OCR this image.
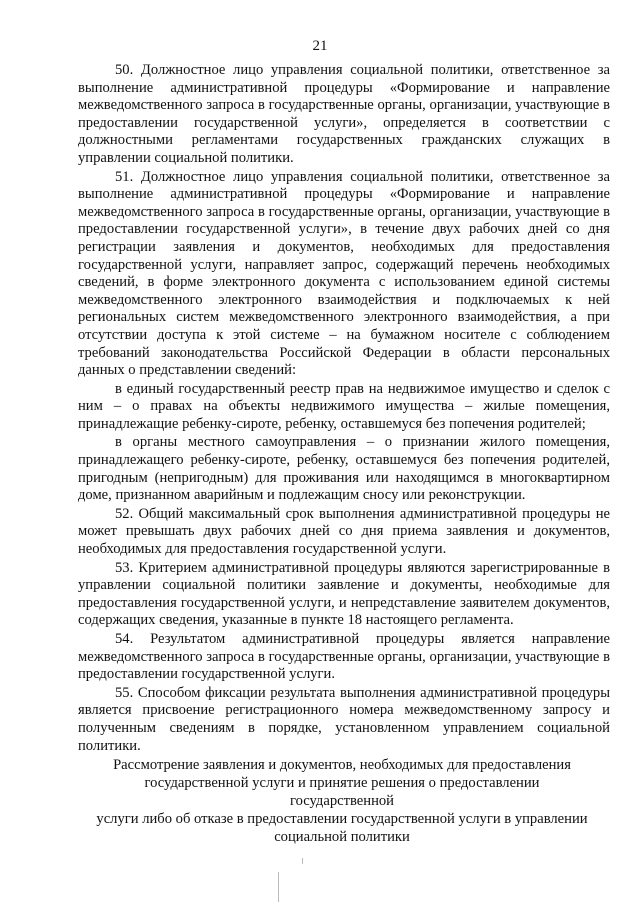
21

50. Должностное лицо управления социальной политики, ответственное за выполнение административной процедуры «Формирование и направление межведомственного запроса в государственные органы, организации, участвующие в предоставлении государственной услуги», определяется в соответствии с должностными регламентами государственных гражданских служащих в управлении социальной политики.

51. Должностное лицо управления социальной политики, ответственное за выполнение административной процедуры «Формирование и направление межведомственного запроса в государственные органы, организации, участвующие в предоставлении государственной услуги», в течение двух рабочих дней со дня регистрации заявления и документов, необходимых для предоставления государственной услуги, направляет запрос, содержащий перечень необходимых сведений, в форме электронного документа с использованием единой системы межведомственного электронного взаимодействия и подключаемых к ней региональных систем межведомственного электронного взаимодействия, а при отсутствии доступа к этой системе – на бумажном носителе с соблюдением требований законодательства Российской Федерации в области персональных данных о представлении сведений:

в единый государственный реестр прав на недвижимое имущество и сделок с ним – о правах на объекты недвижимого имущества – жилые помещения, принадлежащие ребенку-сироте, ребенку, оставшемуся без попечения родителей;

в органы местного самоуправления – о признании жилого помещения, принадлежащего ребенку-сироте, ребенку, оставшемуся без попечения родителей, пригодным (непригодным) для проживания или находящимся в многоквартирном доме, признанном аварийным и подлежащим сносу или реконструкции.

52. Общий максимальный срок выполнения административной процедуры не может превышать двух рабочих дней со дня приема заявления и документов, необходимых для предоставления государственной услуги.

53. Критерием административной процедуры являются зарегистрированные в управлении социальной политики заявление и документы, необходимые для предоставления государственной услуги, и непредставление заявителем документов, содержащих сведения, указанные в пункте 18 настоящего регламента.

54. Результатом административной процедуры является направление межведомственного запроса в государственные органы, организации, участвующие в предоставлении государственной услуги.

55. Способом фиксации результата выполнения административной процедуры является присвоение регистрационного номера межведомственному запросу и полученным сведениям в порядке, установленном управлением социальной политики.

Рассмотрение заявления и документов, необходимых для предоставления
государственной услуги и принятие решения о предоставлении государственной
услуги либо об отказе в предоставлении государственной услуги в управлении
социальной политики
